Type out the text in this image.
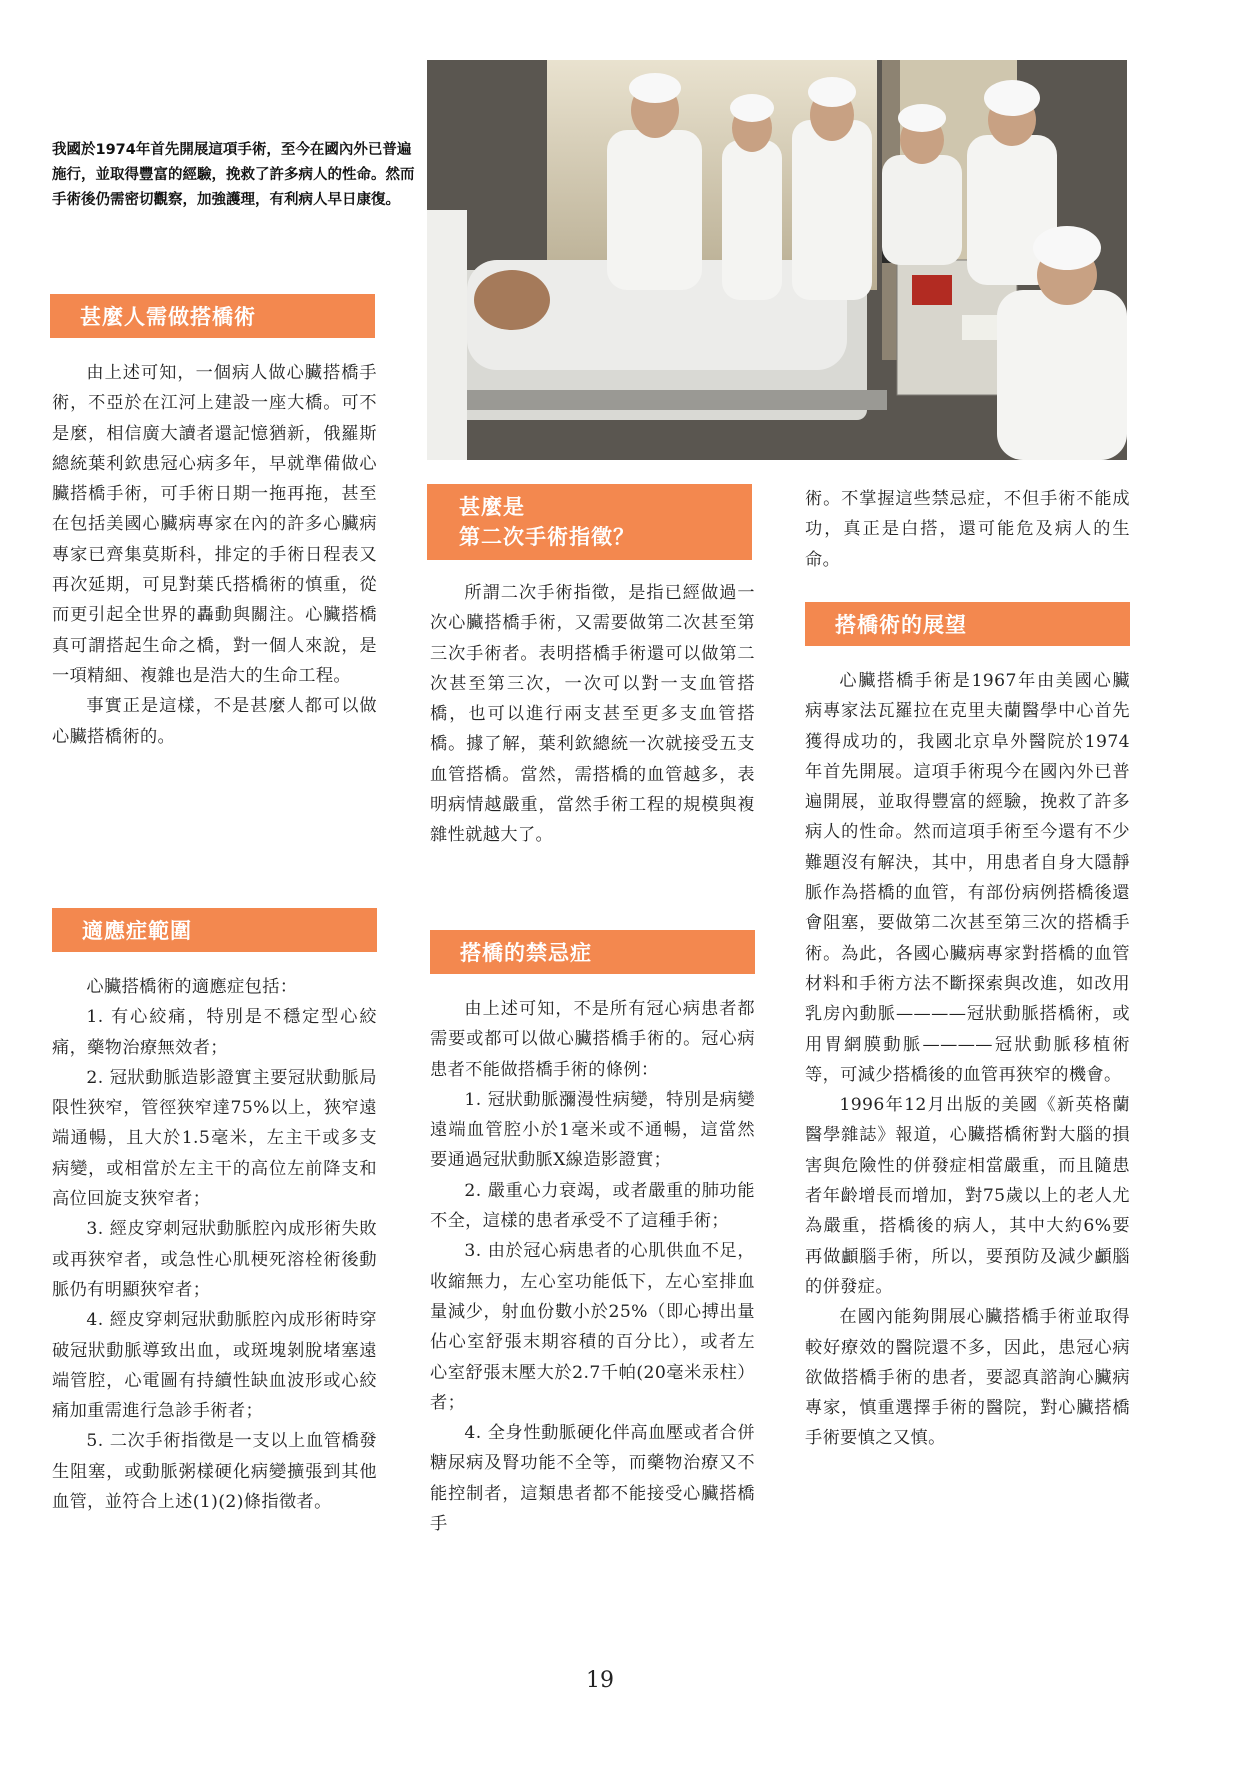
我國於1974年首先開展這項手術，至今在國內外已普遍施行，並取得豐富的經驗，挽救了許多病人的性命。然而手術後仍需密切觀察，加強護理，有利病人早日康復。
甚麼人需做搭橋術

由上述可知，一個病人做心臟搭橋手術，不亞於在江河上建設一座大橋。可不是麼，相信廣大讀者還記憶猶新，俄羅斯總統葉利欽患冠心病多年，早就準備做心臟搭橋手術，可手術日期一拖再拖，甚至在包括美國心臟病專家在內的許多心臟病專家已齊集莫斯科，排定的手術日程表又再次延期，可見對葉氏搭橋術的慎重，從而更引起全世界的轟動與關注。心臟搭橋真可謂搭起生命之橋，對一個人來說，是一項精細、複雜也是浩大的生命工程。

事實正是這樣，不是甚麼人都可以做心臟搭橋術的。

適應症範圍

心臟搭橋術的適應症包括：

1. 有心絞痛，特別是不穩定型心絞痛，藥物治療無效者；

2. 冠狀動脈造影證實主要冠狀動脈局限性狹窄，管徑狹窄達75%以上，狹窄遠端通暢，且大於1.5毫米，左主干或多支病變，或相當於左主干的高位左前降支和高位回旋支狹窄者；

3. 經皮穿刺冠狀動脈腔內成形術失敗或再狹窄者，或急性心肌梗死溶栓術後動脈仍有明顯狹窄者；

4. 經皮穿刺冠狀動脈腔內成形術時穿破冠狀動脈導致出血，或斑塊剝脫堵塞遠端管腔，心電圖有持續性缺血波形或心絞痛加重需進行急診手術者；

5. 二次手術指徵是一支以上血管橋發生阻塞，或動脈粥樣硬化病變擴張到其他血管，並符合上述(1)(2)條指徵者。

甚麼是
第二次手術指徵？

所謂二次手術指徵，是指已經做過一次心臟搭橋手術，又需要做第二次甚至第三次手術者。表明搭橋手術還可以做第二次甚至第三次，一次可以對一支血管搭橋，也可以進行兩支甚至更多支血管搭橋。據了解，葉利欽總統一次就接受五支血管搭橋。當然，需搭橋的血管越多，表明病情越嚴重，當然手術工程的規模與複雜性就越大了。

搭橋的禁忌症

由上述可知，不是所有冠心病患者都需要或都可以做心臟搭橋手術的。冠心病患者不能做搭橋手術的條例：

1. 冠狀動脈瀰漫性病變，特別是病變遠端血管腔小於1毫米或不通暢，這當然要通過冠狀動脈X線造影證實；

2. 嚴重心力衰竭，或者嚴重的肺功能不全，這樣的患者承受不了這種手術；

3. 由於冠心病患者的心肌供血不足，收縮無力，左心室功能低下，左心室排血量減少，射血份數小於25%（即心搏出量佔心室舒張末期容積的百分比），或者左心室舒張末壓大於2.7千帕(20毫米汞柱）者；

4. 全身性動脈硬化伴高血壓或者合併糖尿病及腎功能不全等，而藥物治療又不能控制者，這類患者都不能接受心臟搭橋手

術。不掌握這些禁忌症，不但手術不能成功，真正是白搭，還可能危及病人的生命。

搭橋術的展望

心臟搭橋手術是1967年由美國心臟病專家法瓦羅拉在克里夫蘭醫學中心首先獲得成功的，我國北京阜外醫院於1974年首先開展。這項手術現今在國內外已普遍開展，並取得豐富的經驗，挽救了許多病人的性命。然而這項手術至今還有不少難題沒有解決，其中，用患者自身大隱靜脈作為搭橋的血管，有部份病例搭橋後還會阻塞，要做第二次甚至第三次的搭橋手術。為此，各國心臟病專家對搭橋的血管材料和手術方法不斷探索與改進，如改用乳房內動脈————冠狀動脈搭橋術，或用胃網膜動脈————冠狀動脈移植術等，可減少搭橋後的血管再狹窄的機會。

1996年12月出版的美國《新英格蘭醫學雜誌》報道，心臟搭橋術對大腦的損害與危險性的併發症相當嚴重，而且隨患者年齡增長而增加，對75歲以上的老人尤為嚴重，搭橋後的病人，其中大約6%要再做顱腦手術，所以，要預防及減少顱腦的併發症。

在國內能夠開展心臟搭橋手術並取得較好療效的醫院還不多，因此，患冠心病欲做搭橋手術的患者，要認真諮詢心臟病專家，慎重選擇手術的醫院，對心臟搭橋手術要慎之又慎。

19
